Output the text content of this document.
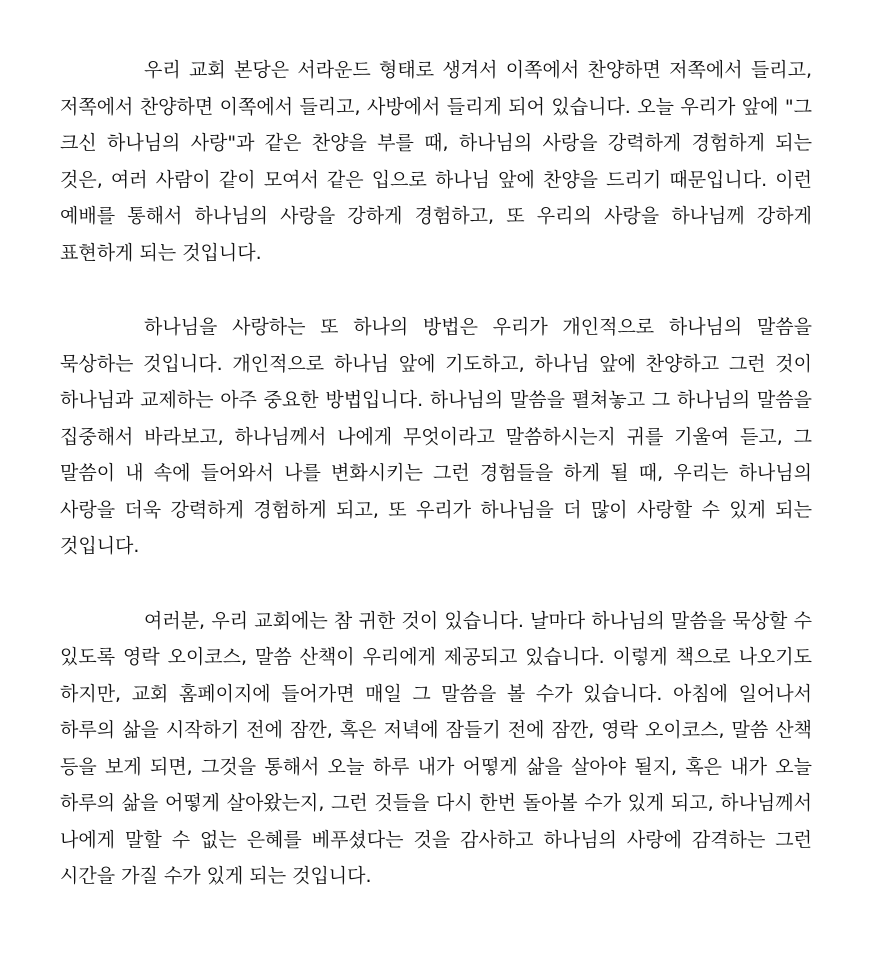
우리 교회 본당은 서라운드 형태로 생겨서 이쪽에서 찬양하면 저쪽에서 들리고, 저쪽에서 찬양하면 이쪽에서 들리고, 사방에서 들리게 되어 있습니다. 오늘 우리가 앞에 "그 크신 하나님의 사랑"과 같은 찬양을 부를 때, 하나님의 사랑을 강력하게 경험하게 되는 것은, 여러 사람이 같이 모여서 같은 입으로 하나님 앞에 찬양을 드리기 때문입니다. 이런 예배를 통해서 하나님의 사랑을 강하게 경험하고, 또 우리의 사랑을 하나님께 강하게 표현하게 되는 것입니다.

하나님을 사랑하는 또 하나의 방법은 우리가 개인적으로 하나님의 말씀을 묵상하는 것입니다. 개인적으로 하나님 앞에 기도하고, 하나님 앞에 찬양하고 그런 것이 하나님과 교제하는 아주 중요한 방법입니다. 하나님의 말씀을 펼쳐놓고 그 하나님의 말씀을 집중해서 바라보고, 하나님께서 나에게 무엇이라고 말씀하시는지 귀를 기울여 듣고, 그 말씀이 내 속에 들어와서 나를 변화시키는 그런 경험들을 하게 될 때, 우리는 하나님의 사랑을 더욱 강력하게 경험하게 되고, 또 우리가 하나님을 더 많이 사랑할 수 있게 되는 것입니다.

여러분, 우리 교회에는 참 귀한 것이 있습니다. 날마다 하나님의 말씀을 묵상할 수 있도록 영락 오이코스, 말씀 산책이 우리에게 제공되고 있습니다. 이렇게 책으로 나오기도 하지만, 교회 홈페이지에 들어가면 매일 그 말씀을 볼 수가 있습니다. 아침에 일어나서 하루의 삶을 시작하기 전에 잠깐, 혹은 저녁에 잠들기 전에 잠깐, 영락 오이코스, 말씀 산책 등을 보게 되면, 그것을 통해서 오늘 하루 내가 어떻게 삶을 살아야 될지, 혹은 내가 오늘 하루의 삶을 어떻게 살아왔는지, 그런 것들을 다시 한번 돌아볼 수가 있게 되고, 하나님께서 나에게 말할 수 없는 은혜를 베푸셨다는 것을 감사하고 하나님의 사랑에 감격하는 그런 시간을 가질 수가 있게 되는 것입니다.
